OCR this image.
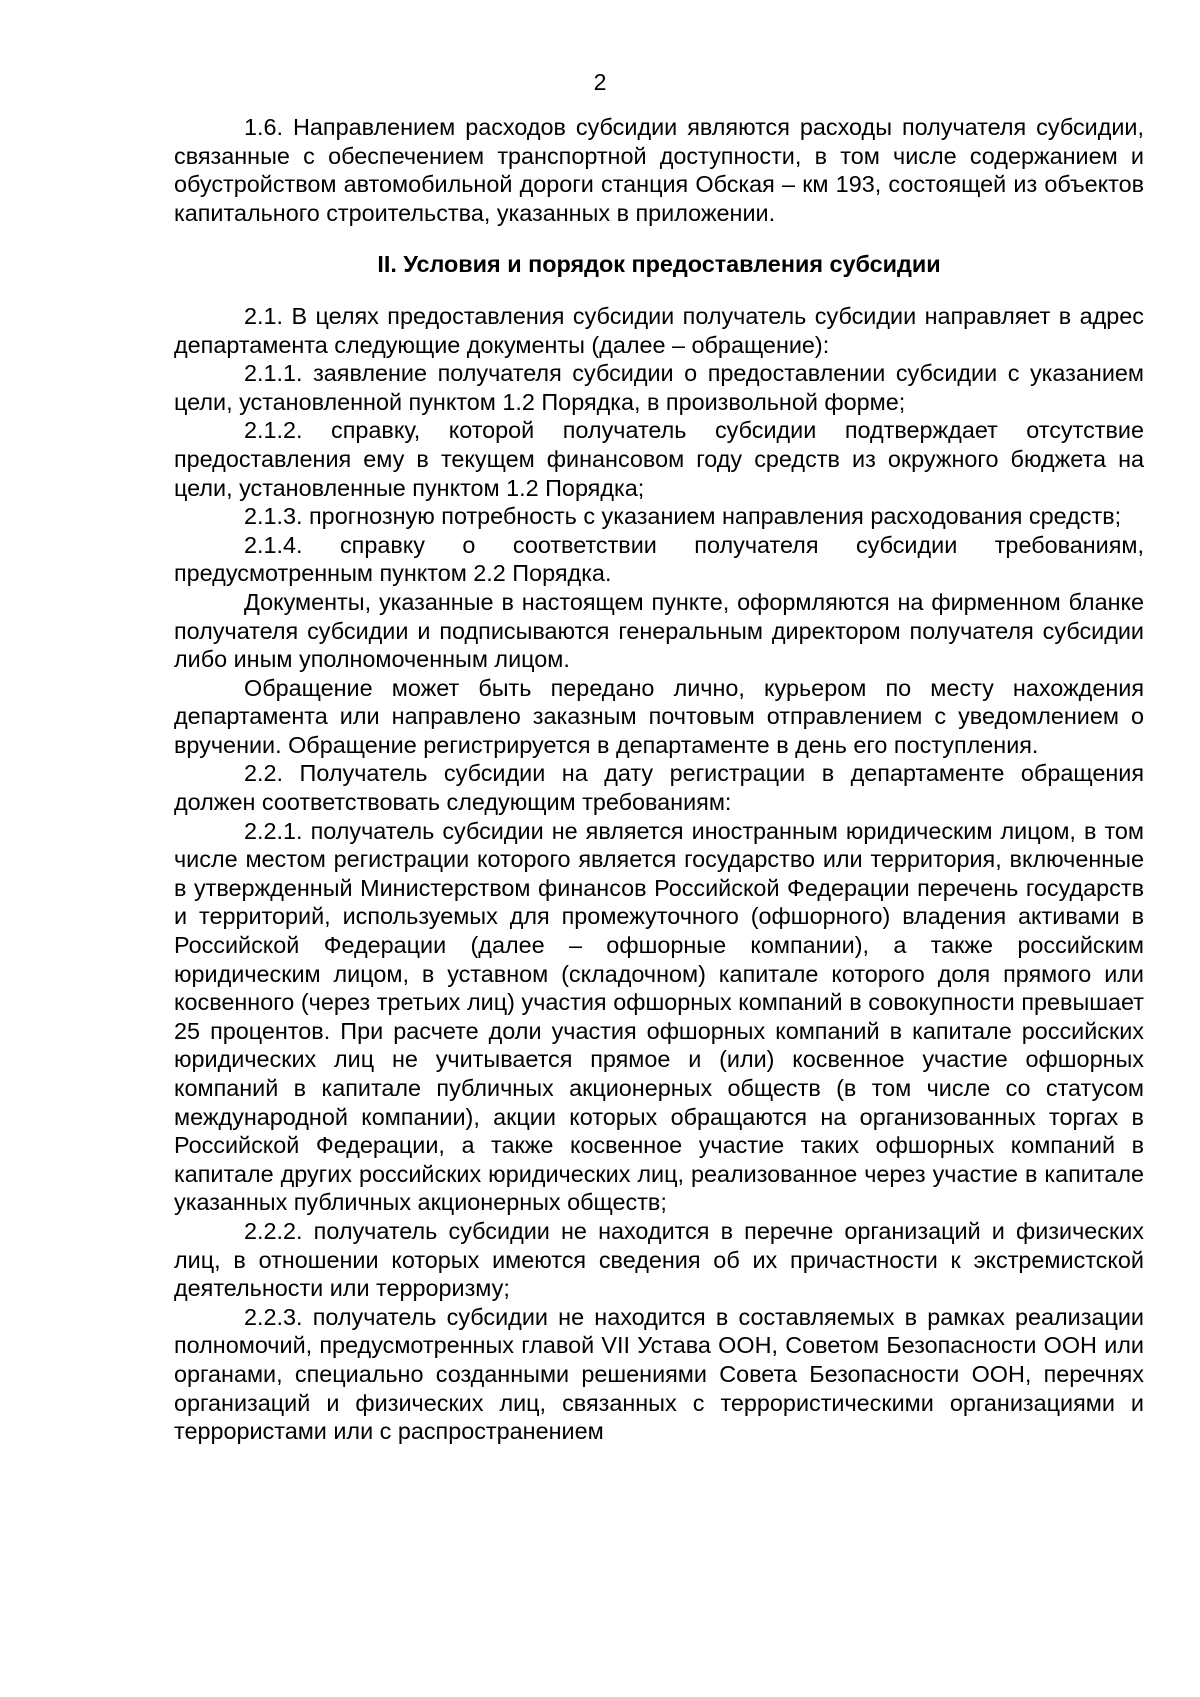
2

1.6. Направлением расходов субсидии являются расходы получателя субсидии, связанные с обеспечением транспортной доступности, в том числе содержанием и обустройством автомобильной дороги станция Обская – км 193, состоящей из объектов капитального строительства, указанных в приложении.

II. Условия и порядок предоставления субсидии

2.1. В целях предоставления субсидии получатель субсидии направляет в адрес департамента следующие документы (далее – обращение):

2.1.1. заявление получателя субсидии о предоставлении субсидии с указанием цели, установленной пунктом 1.2 Порядка, в произвольной форме;

2.1.2. справку, которой получатель субсидии подтверждает отсутствие предоставления ему в текущем финансовом году средств из окружного бюджета на цели, установленные пунктом 1.2 Порядка;

2.1.3. прогнозную потребность с указанием направления расходования средств;

2.1.4. справку о соответствии получателя субсидии требованиям, предусмотренным пунктом 2.2 Порядка.

Документы, указанные в настоящем пункте, оформляются на фирменном бланке получателя субсидии и подписываются генеральным директором получателя субсидии либо иным уполномоченным лицом.

Обращение может быть передано лично, курьером по месту нахождения департамента или направлено заказным почтовым отправлением с уведомлением о вручении. Обращение регистрируется в департаменте в день его поступления.

2.2. Получатель субсидии на дату регистрации в департаменте обращения должен соответствовать следующим требованиям:

2.2.1. получатель субсидии не является иностранным юридическим лицом, в том числе местом регистрации которого является государство или территория, включенные в утвержденный Министерством финансов Российской Федерации перечень государств и территорий, используемых для промежуточного (офшорного) владения активами в Российской Федерации (далее – офшорные компании), а также российским юридическим лицом, в уставном (складочном) капитале которого доля прямого или косвенного (через третьих лиц) участия офшорных компаний в совокупности превышает 25 процентов. При расчете доли участия офшорных компаний в капитале российских юридических лиц не учитывается прямое и (или) косвенное участие офшорных компаний в капитале публичных акционерных обществ (в том числе со статусом международной компании), акции которых обращаются на организованных торгах в Российской Федерации, а также косвенное участие таких офшорных компаний в капитале других российских юридических лиц, реализованное через участие в капитале указанных публичных акционерных обществ;

2.2.2. получатель субсидии не находится в перечне организаций и физических лиц, в отношении которых имеются сведения об их причастности к экстремистской деятельности или терроризму;

2.2.3. получатель субсидии не находится в составляемых в рамках реализации полномочий, предусмотренных главой VII Устава ООН, Советом Безопасности ООН или органами, специально созданными решениями Совета Безопасности ООН, перечнях организаций и физических лиц, связанных с террористическими организациями и террористами или с распространением
